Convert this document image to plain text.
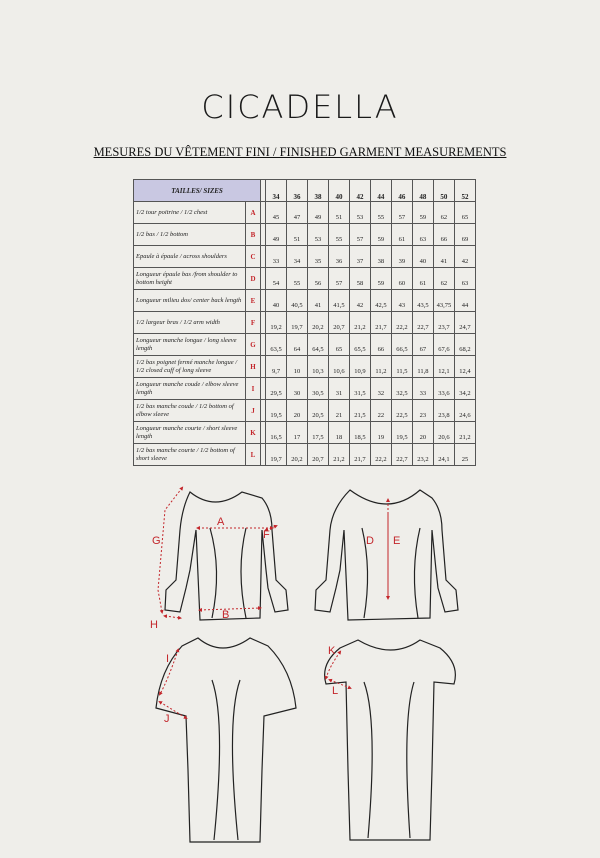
CICADELLA
MESURES DU VÊTEMENT FINI / FINISHED GARMENT MEASUREMENTS
TAILLES/ SIZES			34	36	38	40	42	44	46	48	50	52
1/2 tour poitrine / 1/2 chest	A		45	47	49	51	53	55	57	59	62	65
1/2 bas / 1/2 bottom	B		49	51	53	55	57	59	61	63	66	69
Epaule à épaule / across shoulders	C		33	34	35	36	37	38	39	40	41	42
Longueur épaule bas /from shoulder to bottom height	D		54	55	56	57	58	59	60	61	62	63
Longueur milieu dos/ center back length	E		40	40,5	41	41,5	42	42,5	43	43,5	43,75	44
1/2 largeur bras / 1/2 arm width	F		19,2	19,7	20,2	20,7	21,2	21,7	22,2	22,7	23,7	24,7
Longueur manche longue / long sleeve length	G		63,5	64	64,5	65	65,5	66	66,5	67	67,6	68,2
1/2 bas poignet fermé manche longue / 1/2 closed cuff of long sleeve	H		9,7	10	10,3	10,6	10,9	11,2	11,5	11,8	12,1	12,4
Longueur manche coude / elbow sleeve length	I		29,5	30	30,5	31	31,5	32	32,5	33	33,6	34,2
1/2 bas manche coude / 1/2 bottom of elbow sleeve	J		19,5	20	20,5	21	21,5	22	22,5	23	23,8	24,6
Longueur manche courte / short sleeve length	K		16,5	17	17,5	18	18,5	19	19,5	20	20,6	21,2
1/2 bas manche courte / 1/2 bottom of short sleeve	L		19,7	20,2	20,7	21,2	21,7	22,2	22,7	23,2	24,1	25
A
B
F
G
H
D E
I
J
K
L
